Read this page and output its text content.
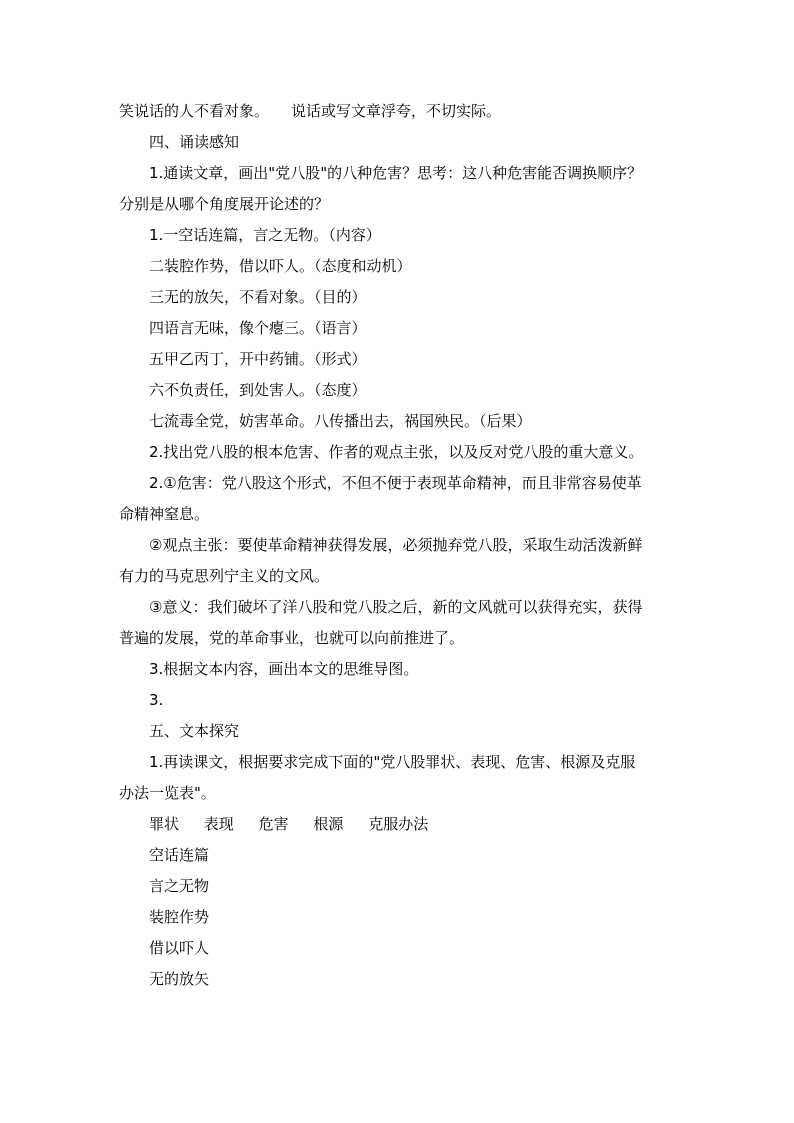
笑说话的人不看对象。 说话或写文章浮夸，不切实际。
四、诵读感知
1.通读文章，画出"党八股"的八种危害？思考：这八种危害能否调换顺序？
分别是从哪个角度展开论述的？
1.一空话连篇，言之无物。（内容）
二装腔作势，借以吓人。（态度和动机）
三无的放矢，不看对象。（目的）
四语言无味，像个瘪三。（语言）
五甲乙丙丁，开中药铺。（形式）
六不负责任，到处害人。（态度）
七流毒全党，妨害革命。八传播出去，祸国殃民。（后果）
2.找出党八股的根本危害、作者的观点主张，以及反对党八股的重大意义。
2.①危害：党八股这个形式，不但不便于表现革命精神，而且非常容易使革
命精神窒息。
②观点主张：要使革命精神获得发展，必须抛弃党八股，采取生动活泼新鲜
有力的马克思列宁主义的文风。
③意义：我们破坏了洋八股和党八股之后，新的文风就可以获得充实，获得
普遍的发展，党的革命事业，也就可以向前推进了。
3.根据文本内容，画出本文的思维导图。
3.
五、文本探究
1.再读课文，根据要求完成下面的"党八股罪状、表现、危害、根源及克服
办法一览表"。
罪状 表现 危害 根源 克服办法
空话连篇
言之无物
装腔作势
借以吓人
无的放矢
